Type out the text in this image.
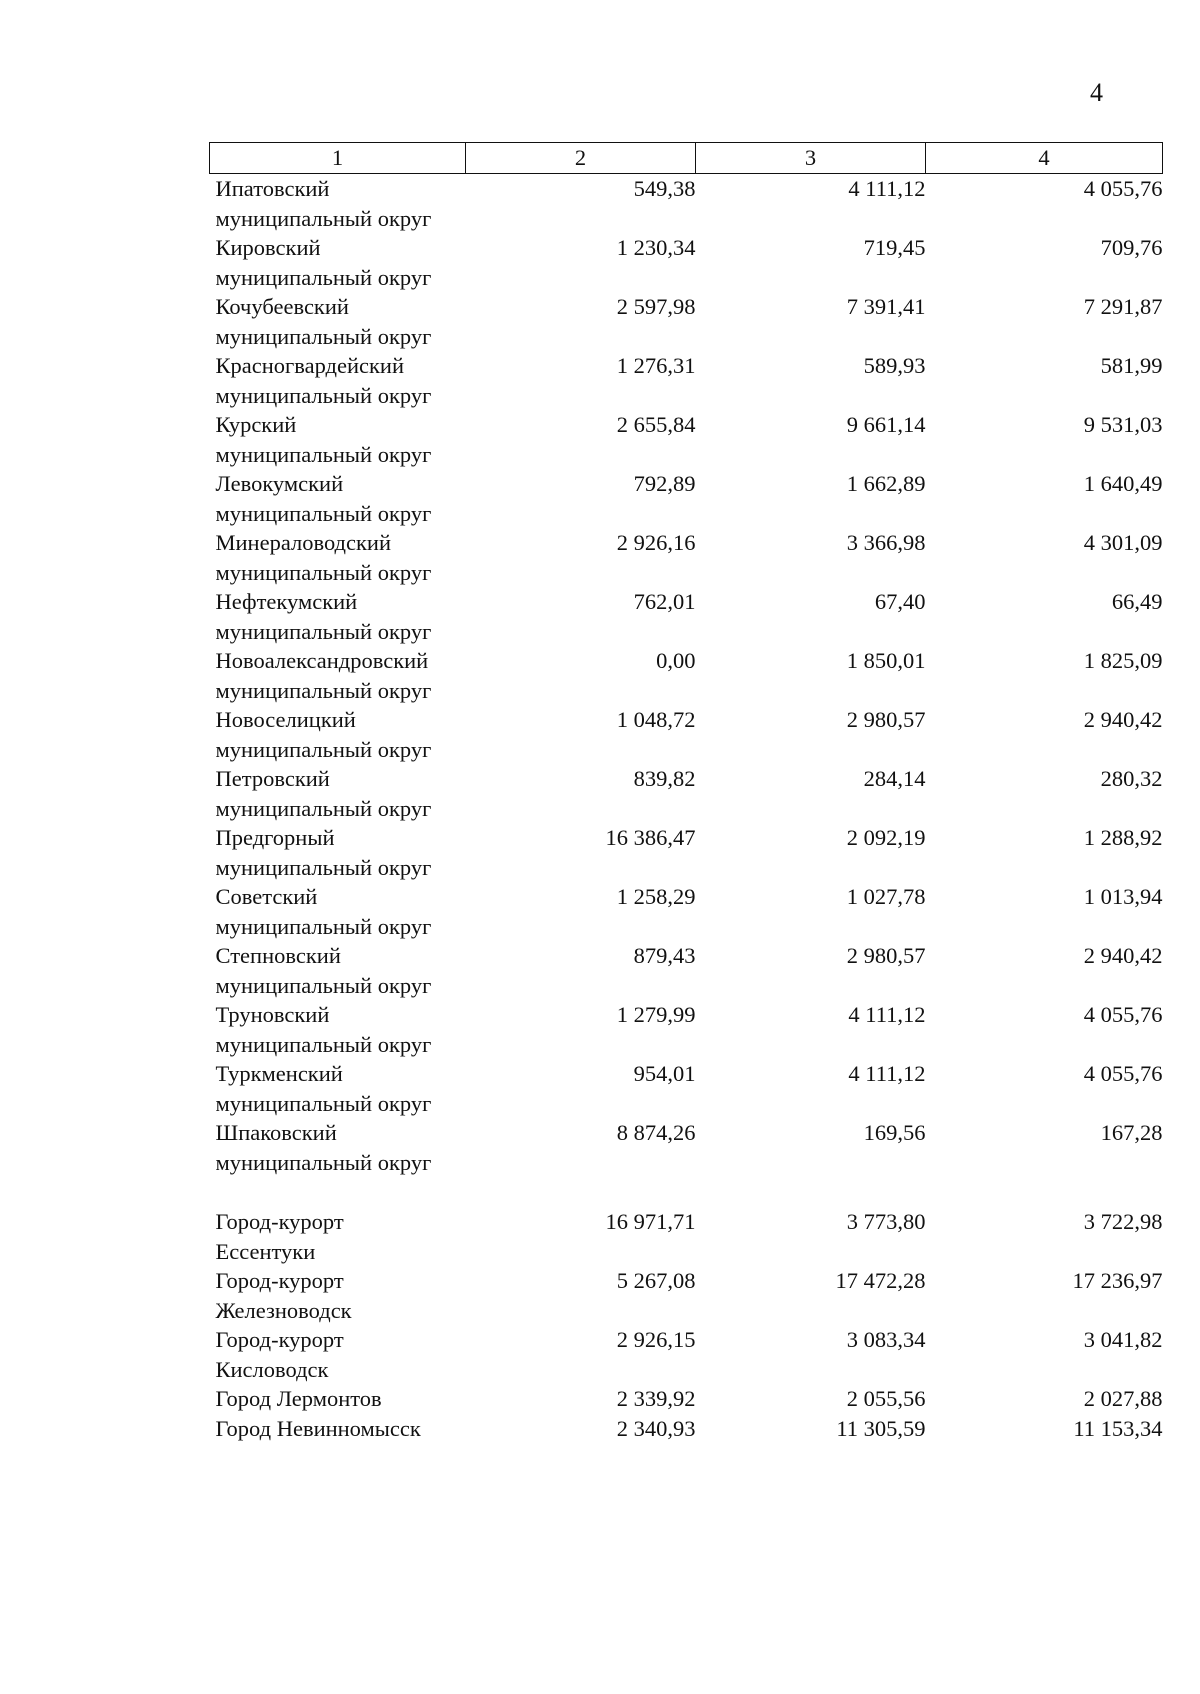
4
1	2	3	4

Ипатовский
муниципальный округ	549,38	4 111,12	4 055,76

Кировский
муниципальный округ	1 230,34	719,45	709,76

Кочубеевский
муниципальный округ	2 597,98	7 391,41	7 291,87

Красногвардейский
муниципальный округ	1 276,31	589,93	581,99

Курский
муниципальный округ	2 655,84	9 661,14	9 531,03

Левокумский
муниципальный округ	792,89	1 662,89	1 640,49

Минераловодский
муниципальный округ	2 926,16	3 366,98	4 301,09

Нефтекумский
муниципальный округ	762,01	67,40	66,49

Новоалександровский
муниципальный округ	0,00	1 850,01	1 825,09

Новоселицкий
муниципальный округ	1 048,72	2 980,57	2 940,42

Петровский
муниципальный округ	839,82	284,14	280,32

Предгорный
муниципальный округ	16 386,47	2 092,19	1 288,92

Советский
муниципальный округ	1 258,29	1 027,78	1 013,94

Степновский
муниципальный округ	879,43	2 980,57	2 940,42

Труновский
муниципальный округ	1 279,99	4 111,12	4 055,76

Туркменский
муниципальный округ	954,01	4 111,12	4 055,76

Шпаковский
муниципальный округ	8 874,26	169,56	167,28

Город-курорт
Ессентуки	16 971,71	3 773,80	3 722,98

Город-курорт
Железноводск	5 267,08	17 472,28	17 236,97

Город-курорт
Кисловодск	2 926,15	3 083,34	3 041,82

Город Лермонтов	2 339,92	2 055,56	2 027,88

Город Невинномысск	2 340,93	11 305,59	11 153,34
